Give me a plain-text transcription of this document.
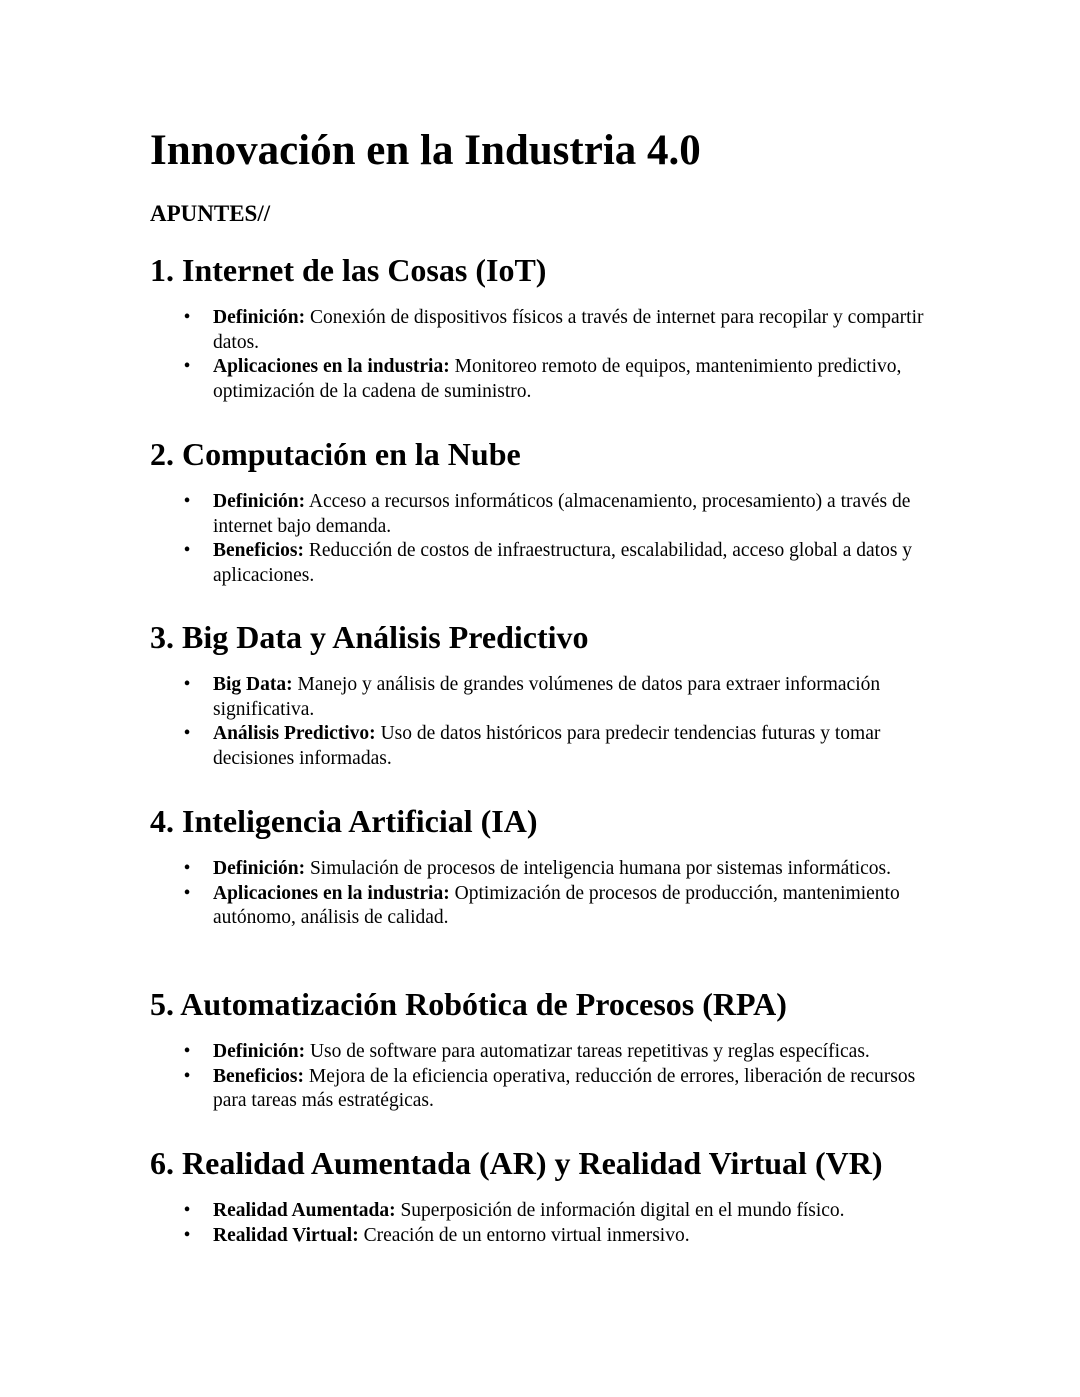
Innovación en la Industria 4.0

APUNTES//

1. Internet de las Cosas (IoT)
• Definición: Conexión de dispositivos físicos a través de internet para recopilar y compartir datos.
• Aplicaciones en la industria: Monitoreo remoto de equipos, mantenimiento predictivo, optimización de la cadena de suministro.
2. Computación en la Nube
• Definición: Acceso a recursos informáticos (almacenamiento, procesamiento) a través de internet bajo demanda.
• Beneficios: Reducción de costos de infraestructura, escalabilidad, acceso global a datos y aplicaciones.
3. Big Data y Análisis Predictivo
• Big Data: Manejo y análisis de grandes volúmenes de datos para extraer información significativa.
• Análisis Predictivo: Uso de datos históricos para predecir tendencias futuras y tomar decisiones informadas.
4. Inteligencia Artificial (IA)
• Definición: Simulación de procesos de inteligencia humana por sistemas informáticos.
• Aplicaciones en la industria: Optimización de procesos de producción, mantenimiento autónomo, análisis de calidad.
5. Automatización Robótica de Procesos (RPA)
• Definición: Uso de software para automatizar tareas repetitivas y reglas específicas.
• Beneficios: Mejora de la eficiencia operativa, reducción de errores, liberación de recursos para tareas más estratégicas.
6. Realidad Aumentada (AR) y Realidad Virtual (VR)
• Realidad Aumentada: Superposición de información digital en el mundo físico.
• Realidad Virtual: Creación de un entorno virtual inmersivo.
